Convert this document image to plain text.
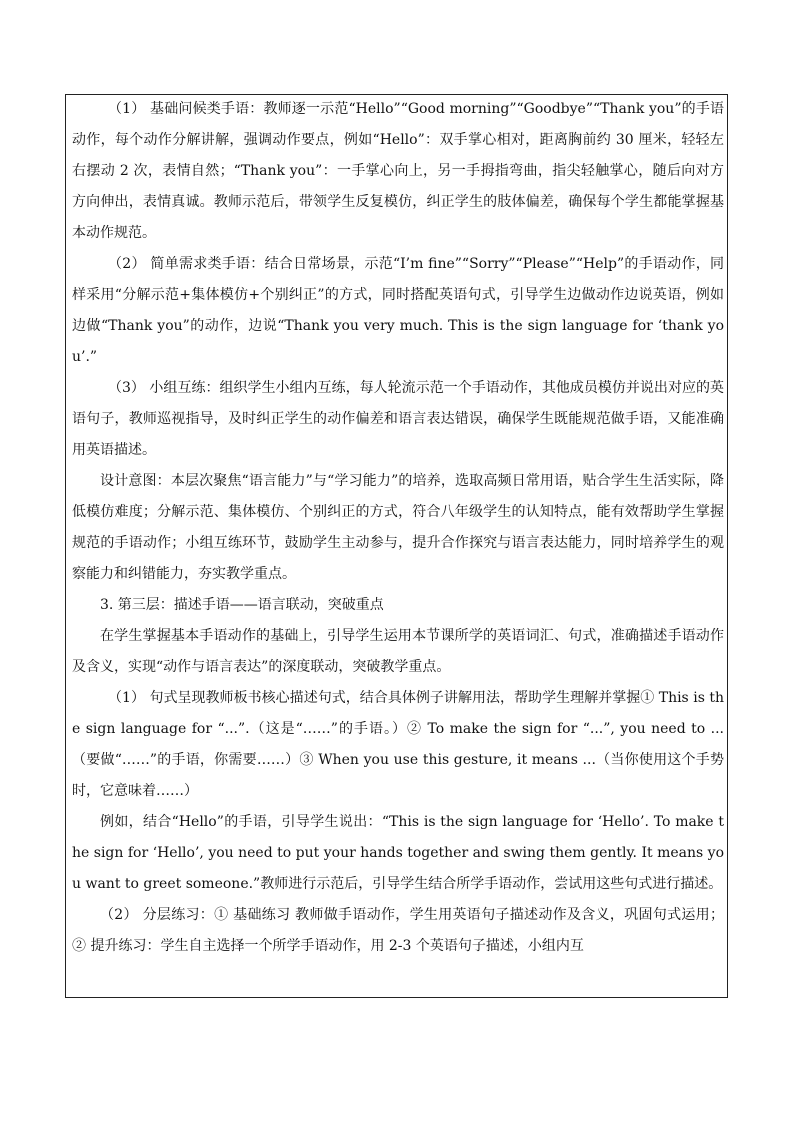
（1） 基础问候类手语：教师逐一示范“Hello”“Good morning”“Goodbye”“Thank you”的手语动作，每个动作分解讲解，强调动作要点，例如“Hello”：双手掌心相对，距离胸前约 30 厘米，轻轻左右摆动 2 次，表情自然；“Thank you”：一手掌心向上，另一手拇指弯曲，指尖轻触掌心，随后向对方方向伸出，表情真诚。教师示范后，带领学生反复模仿，纠正学生的肢体偏差，确保每个学生都能掌握基本动作规范。

（2） 简单需求类手语：结合日常场景，示范“I’m fine”“Sorry”“Please”“Help”的手语动作，同样采用“分解示范+集体模仿+个别纠正”的方式，同时搭配英语句式，引导学生边做动作边说英语，例如边做“Thank you”的动作，边说“Thank you very much. This is the sign language for ‘thank you’.”

（3） 小组互练：组织学生小组内互练，每人轮流示范一个手语动作，其他成员模仿并说出对应的英语句子，教师巡视指导，及时纠正学生的动作偏差和语言表达错误，确保学生既能规范做手语，又能准确用英语描述。

设计意图：本层次聚焦“语言能力”与“学习能力”的培养，选取高频日常用语，贴合学生生活实际，降低模仿难度；分解示范、集体模仿、个别纠正的方式，符合八年级学生的认知特点，能有效帮助学生掌握规范的手语动作；小组互练环节，鼓励学生主动参与，提升合作探究与语言表达能力，同时培养学生的观察能力和纠错能力，夯实教学重点。

3. 第三层：描述手语——语言联动，突破重点

在学生掌握基本手语动作的基础上，引导学生运用本节课所学的英语词汇、句式，准确描述手语动作及含义，实现“动作与语言表达”的深度联动，突破教学重点。

（1） 句式呈现教师板书核心描述句式，结合具体例子讲解用法，帮助学生理解并掌握① This is the sign language for “...”.（这是“……”的手语。）② To make the sign for “...”, you need to ...（要做“……”的手语，你需要……）③ When you use this gesture, it means ...（当你使用这个手势时，它意味着……）

例如，结合“Hello”的手语，引导学生说出：“This is the sign language for ‘Hello’. To make the sign for ‘Hello’, you need to put your hands together and swing them gently. It means you want to greet someone.”教师进行示范后，引导学生结合所学手语动作，尝试用这些句式进行描述。

（2） 分层练习：① 基础练习 教师做手语动作，学生用英语句子描述动作及含义，巩固句式运用；② 提升练习：学生自主选择一个所学手语动作，用 2-3 个英语句子描述，小组内互
